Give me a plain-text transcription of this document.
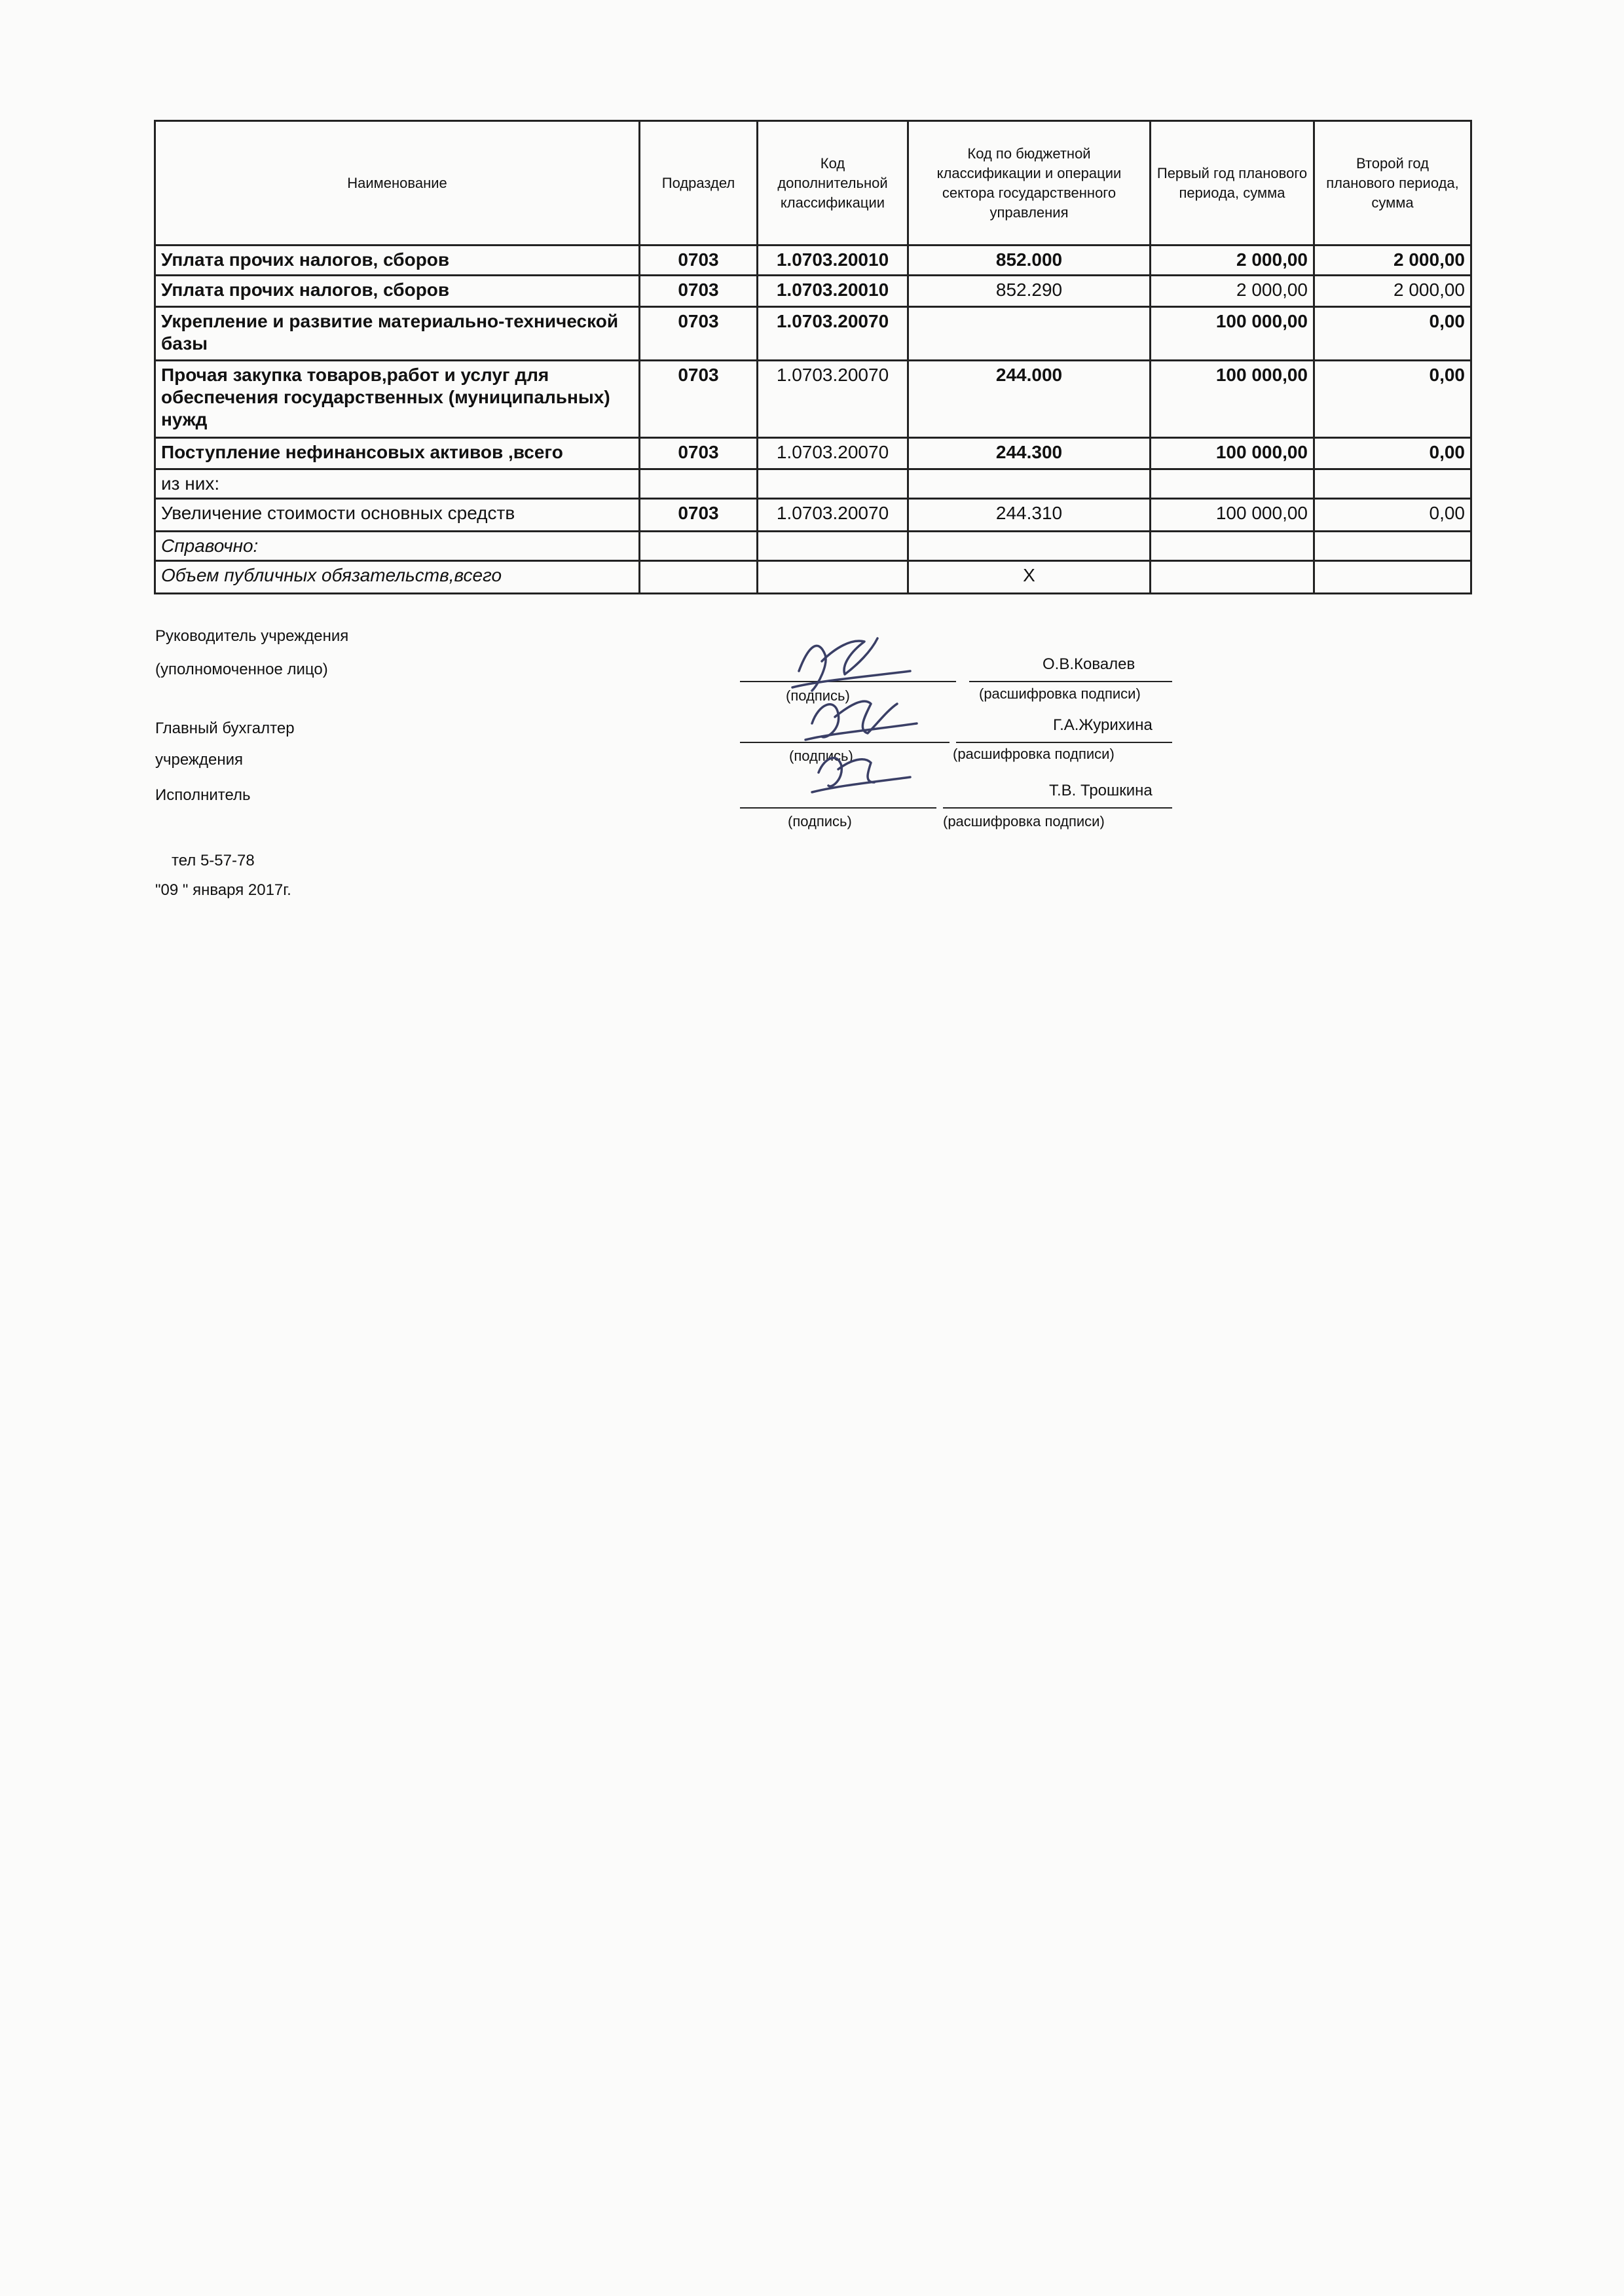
Наименование	Подраздел	Код дополнительной классификации	Код по бюджетной классификации и операции сектора государственного управления	Первый год планового периода, сумма	Второй год планового периода, сумма
Уплата прочих налогов, сборов	0703	1.0703.20010	852.000	2 000,00	2 000,00
Уплата прочих налогов, сборов	0703	1.0703.20010	852.290	2 000,00	2 000,00
Укрепление и развитие материально-технической базы	0703	1.0703.20070		100 000,00	0,00
Прочая закупка товаров,работ и услуг для обеспечения государственных (муниципальных) нужд	0703	1.0703.20070	244.000	100 000,00	0,00
Поступление нефинансовых активов ,всего	0703	1.0703.20070	244.300	100 000,00	0,00
из них:					
Увеличение стоимости основных средств	0703	1.0703.20070	244.310	100 000,00	0,00
Справочно:					
Объем публичных обязательств,всего			X		
Руководитель учреждения
(уполномоченное лицо)	О.В.Ковалев
(подпись)	(расшифровка подписи)
Главный бухгалтер
учреждения
Г.А.Журихина
(подпись)	(расшифровка подписи)
Исполнитель	Т.В. Трошкина
(подпись)	(расшифровка подписи)
тел 5-57-78
"09 " января 2017г.
